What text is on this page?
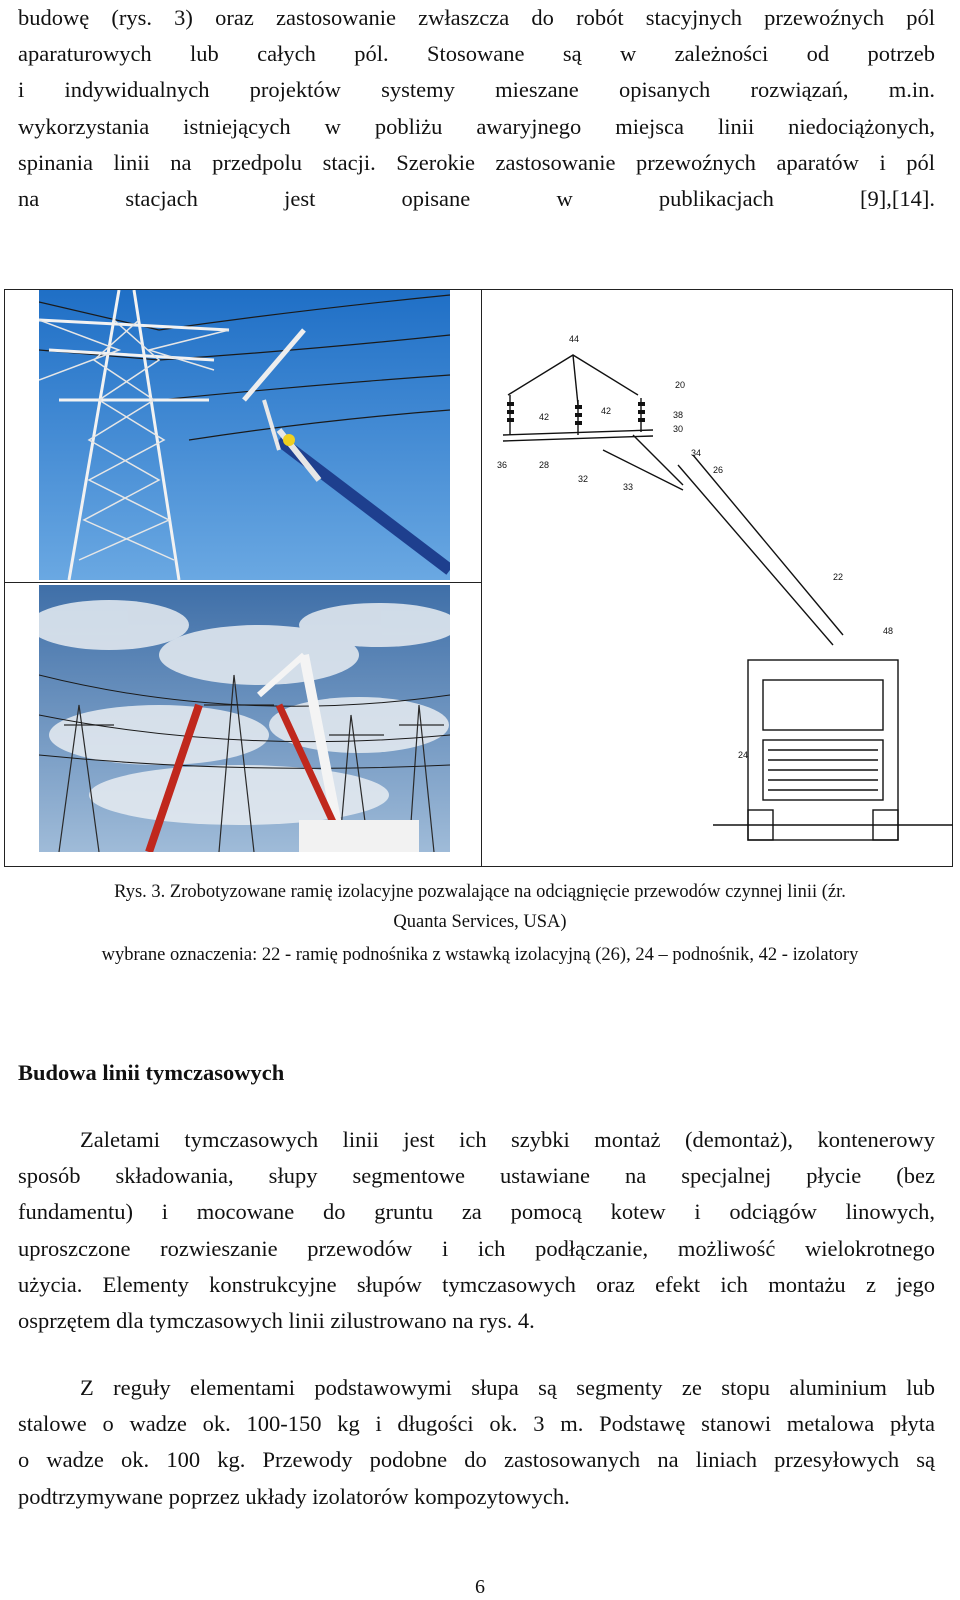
budowę (rys. 3) oraz zastosowanie zwłaszcza do robót stacyjnych przewoźnych pól
aparaturowych lub całych pól. Stosowane są w zależności od potrzeb
i indywidualnych projektów systemy mieszane opisanych rozwiązań, m.in.
wykorzystania istniejących w pobliżu awaryjnego miejsca linii niedociążonych,
spinania linii na przedpolu stacji. Szerokie zastosowanie przewoźnych aparatów i pól
na stacjach jest opisane w publikacjach [9],[14].
44
20
42
42	38
30
36	28
34
26
32
33
22
48
24
Rys. 3. Zrobotyzowane ramię izolacyjne pozwalające na odciągnięcie przewodów czynnej linii (źr.
Quanta Services, USA)
wybrane oznaczenia: 22 - ramię podnośnika z wstawką izolacyjną (26), 24 – podnośnik, 42 - izolatory
Budowa linii tymczasowych
Zaletami tymczasowych linii jest ich szybki montaż (demontaż), kontenerowy
sposób składowania, słupy segmentowe ustawiane na specjalnej płycie (bez
fundamentu) i mocowane do gruntu za pomocą kotew i odciągów linowych,
uproszczone rozwieszanie przewodów i ich podłączanie, możliwość wielokrotnego
użycia. Elementy konstrukcyjne słupów tymczasowych oraz efekt ich montażu z jego
osprzętem dla tymczasowych linii zilustrowano na rys. 4.
Z reguły elementami podstawowymi słupa są segmenty ze stopu aluminium lub
stalowe o wadze ok. 100-150 kg i długości ok. 3 m. Podstawę stanowi metalowa płyta
o wadze ok. 100 kg. Przewody podobne do zastosowanych na liniach przesyłowych są
podtrzymywane poprzez układy izolatorów kompozytowych.
6
